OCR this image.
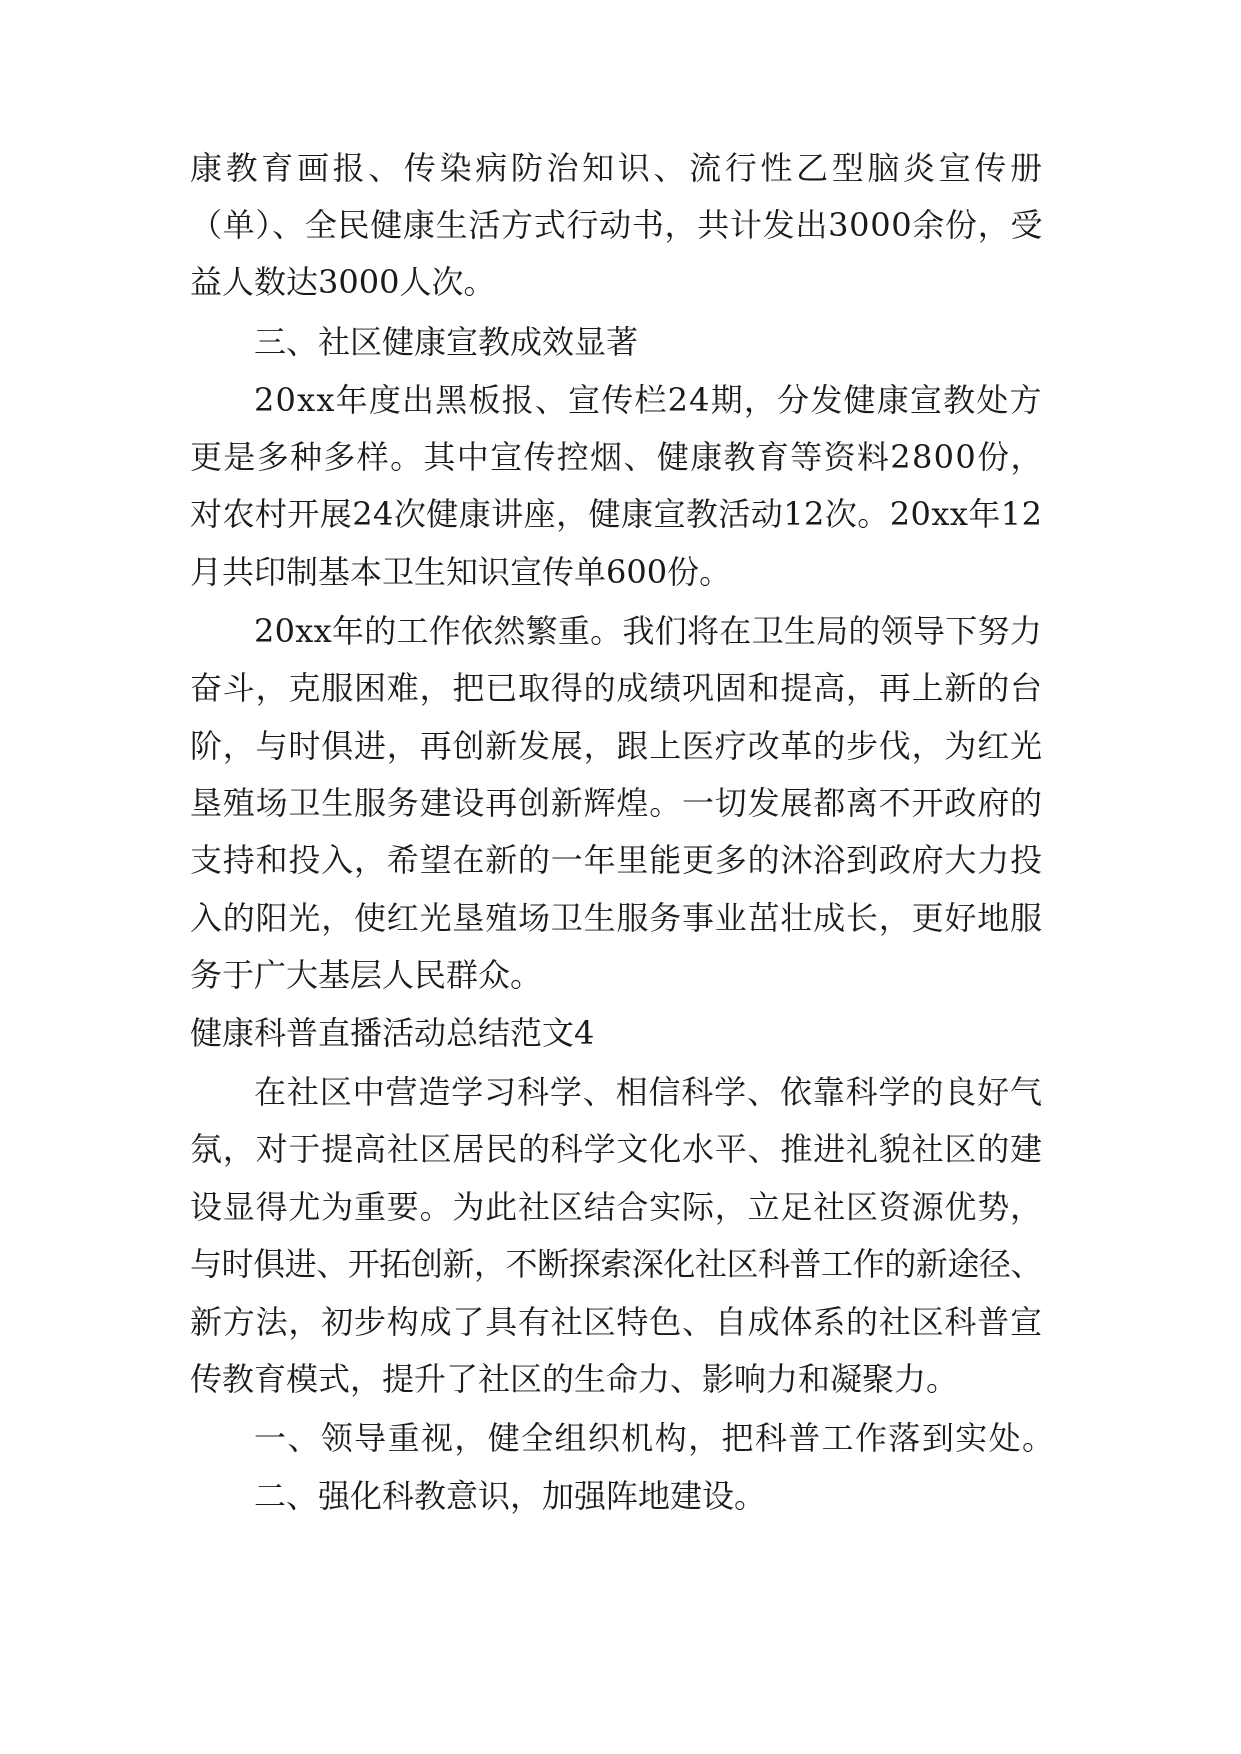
康教育画报、传染病防治知识、流行性乙型脑炎宣传册
（单）、全民健康生活方式行动书，共计发出3000余份，受
益人数达3000人次。
三、社区健康宣教成效显著
20xx年度出黑板报、宣传栏24期，分发健康宣教处方
更是多种多样。其中宣传控烟、健康教育等资料2800份，
对农村开展24次健康讲座，健康宣教活动12次。20xx年12
月共印制基本卫生知识宣传单600份。
20xx年的工作依然繁重。我们将在卫生局的领导下努力
奋斗，克服困难，把已取得的成绩巩固和提高，再上新的台
阶，与时俱进，再创新发展，跟上医疗改革的步伐，为红光
垦殖场卫生服务建设再创新辉煌。一切发展都离不开政府的
支持和投入，希望在新的一年里能更多的沐浴到政府大力投
入的阳光，使红光垦殖场卫生服务事业茁壮成长，更好地服
务于广大基层人民群众。
健康科普直播活动总结范文4
在社区中营造学习科学、相信科学、依靠科学的良好气
氛，对于提高社区居民的科学文化水平、推进礼貌社区的建
设显得尤为重要。为此社区结合实际，立足社区资源优势，
与时俱进、开拓创新，不断探索深化社区科普工作的新途径、
新方法，初步构成了具有社区特色、自成体系的社区科普宣
传教育模式，提升了社区的生命力、影响力和凝聚力。
一、领导重视，健全组织机构，把科普工作落到实处。
二、强化科教意识，加强阵地建设。
